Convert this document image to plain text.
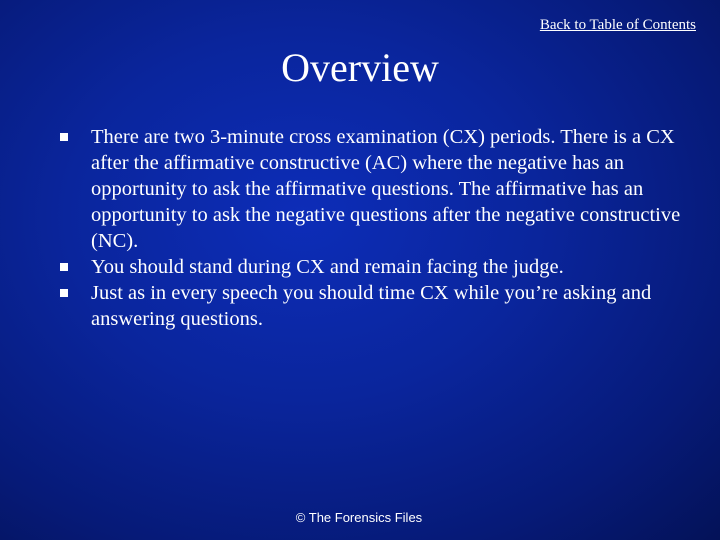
Back to Table of Contents
Overview
There are two 3-minute cross examination (CX) periods. There is a CX after the affirmative constructive (AC) where the negative has an opportunity to ask the affirmative questions. The affirmative has an opportunity to ask the negative questions after the negative constructive (NC).
You should stand during CX and remain facing the judge.
Just as in every speech you should time CX while you’re asking and answering questions.
© The Forensics Files
